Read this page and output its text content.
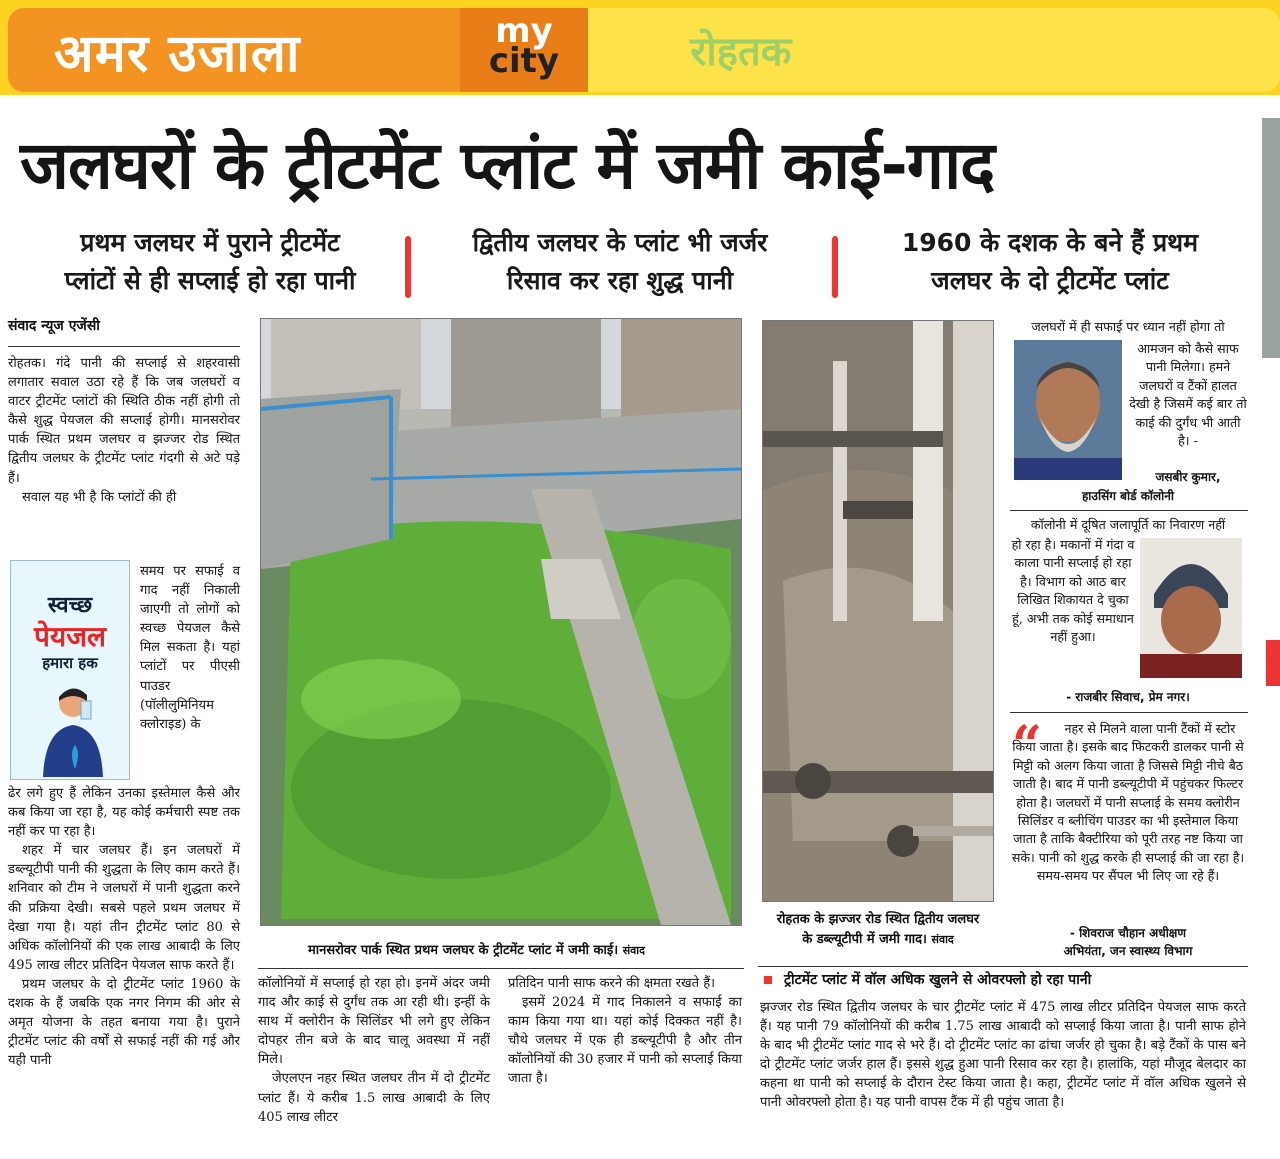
अमर उजाला	my
city	रोहतक
जलघरों के ट्रीटमेंट प्लांट में जमी काई-गाद
प्रथम जलघर में पुराने ट्रीटमेंट
प्लांटों से ही सप्लाई हो रहा पानी
द्वितीय जलघर के प्लांट भी जर्जर
रिसाव कर रहा शुद्ध पानी
1960 के दशक के बने हैं प्रथम
जलघर के दो ट्रीटमेंट प्लांट
संवाद न्यूज एजेंसी

रोहतक। गंदे पानी की सप्लाई से शहरवासी लगातार सवाल उठा रहे हैं कि जब जलघरों व वाटर ट्रीटमेंट प्लांटों की स्थिति ठीक नहीं होगी तो कैसे शुद्ध पेयजल की सप्लाई होगी। मानसरोवर पार्क स्थित प्रथम जलघर व झज्जर रोड स्थित द्वितीय जलघर के ट्रीटमेंट प्लांट गंदगी से अटे पड़े हैं।

सवाल यह भी है कि प्लांटों की ही

स्वच्छ
पेयजल
हमारा हक

समय पर सफाई व गाद नहीं निकाली जाएगी तो लोगों को स्वच्छ पेयजल कैसे मिल सकता है। यहां प्लांटों पर पीएसी पाउडर (पॉलीलुमिनियम क्लोराइड) के

ढेर लगे हुए हैं लेकिन उनका इस्तेमाल कैसे और कब किया जा रहा है, यह कोई कर्मचारी स्पष्ट तक नहीं कर पा रहा है।

शहर में चार जलघर हैं। इन जलघरों में डब्ल्यूटीपी पानी की शुद्धता के लिए काम करते हैं। शनिवार को टीम ने जलघरों में पानी शुद्धता करने की प्रक्रिया देखी। सबसे पहले प्रथम जलघर में देखा गया है। यहां तीन ट्रीटमेंट प्लांट 80 से अधिक कॉलोनियों की एक लाख आबादी के लिए 495 लाख लीटर प्रतिदिन पेयजल साफ करते हैं।

प्रथम जलघर के दो ट्रीटमेंट प्लांट 1960 के दशक के हैं जबकि एक नगर निगम की ओर से अमृत योजना के तहत बनाया गया है। पुराने ट्रीटमेंट प्लांट की वर्षों से सफाई नहीं की गई और यही पानी

मानसरोवर पार्क स्थित प्रथम जलघर के ट्रीटमेंट प्लांट में जमी काई। संवाद
रोहतक के झज्जर रोड स्थित द्वितीय जलघर
के डब्ल्यूटीपी में जमी गाद। संवाद

कॉलोनियों में सप्लाई हो रहा हो। इनमें अंदर जमी गाद और काई से दुर्गंध तक आ रही थी। इन्हीं के साथ में क्लोरीन के सिलिंडर भी लगे हुए लेकिन दोपहर तीन बजे के बाद चालू अवस्था में नहीं मिले।

जेएलएन नहर स्थित जलघर तीन में दो ट्रीटमेंट प्लांट हैं। ये करीब 1.5 लाख आबादी के लिए 405 लाख लीटर

प्रतिदिन पानी साफ करने की क्षमता रखते हैं।

इसमें 2024 में गाद निकालने व सफाई का काम किया गया था। यहां कोई दिक्कत नहीं है। चौथे जलघर में एक ही डब्ल्यूटीपी है और तीन कॉलोनियों की 30 हजार में पानी को सप्लाई किया जाता है।

जलघरों में ही सफाई पर ध्यान नहीं होगा तो
आमजन को कैसे साफ पानी मिलेगा। हमने जलघरों व टैंकों हालत देखी है जिसमें कई बार तो काई की दुर्गंध भी आती है। -
जसबीर कुमार,
हाउसिंग बोर्ड कॉलोनी
कॉलोनी में दूषित जलापूर्ति का निवारण नहीं
हो रहा है। मकानों में गंदा व काला पानी सप्लाई हो रहा है। विभाग को आठ बार लिखित शिकायत दे चुका हूं, अभी तक कोई समाधान नहीं हुआ।
- राजबीर सिवाच, प्रेम नगर।
“	नहर से मिलने वाला पानी टैंकों में स्टोर किया जाता है। इसके बाद फिटकरी डालकर पानी से मिट्टी को अलग किया जाता है जिससे मिट्टी नीचे बैठ जाती है। बाद में पानी डब्ल्यूटीपी में पहुंचकर फिल्टर होता है। जलघरों में पानी सप्लाई के समय क्लोरीन सिलिंडर व ब्लीचिंग पाउडर का भी इस्तेमाल किया जाता है ताकि बैक्टीरिया को पूरी तरह नष्ट किया जा सके। पानी को शुद्ध करके ही सप्लाई की जा रहा है। समय-समय पर सैंपल भी लिए जा रहे हैं।
- शिवराज चौहान अधीक्षण
अभियंता, जन स्वास्थ्य विभाग
ट्रीटमेंट प्लांट में वॉल अधिक खुलने से ओवरफ्लो हो रहा पानी
झज्जर रोड स्थित द्वितीय जलघर के चार ट्रीटमेंट प्लांट में 475 लाख लीटर प्रतिदिन पेयजल साफ करते हैं। यह पानी 79 कॉलोनियों की करीब 1.75 लाख आबादी को सप्लाई किया जाता है। पानी साफ होने के बाद भी ट्रीटमेंट प्लांट गाद से भरे हैं। दो ट्रीटमेंट प्लांट का ढांचा जर्जर हो चुका है। बड़े टैंकों के पास बने दो ट्रीटमेंट प्लांट जर्जर हाल हैं। इससे शुद्ध हुआ पानी रिसाव कर रहा है। हालांकि, यहां मौजूद बेलदार का कहना था पानी को सप्लाई के दौरान टेस्ट किया जाता है। कहा, ट्रीटमेंट प्लांट में वॉल अधिक खुलने से पानी ओवरफ्लो होता है। यह पानी वापस टैंक में ही पहुंच जाता है।
